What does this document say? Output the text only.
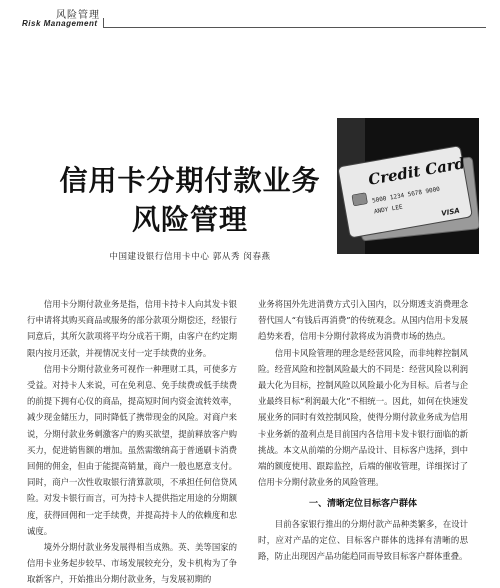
风险管理
Risk Management
信用卡分期付款业务
风险管理
中国建设银行信用卡中心 郭从秀 闵春燕
Credit Card
5000 1234 5678 9000
ANDY LEE	VISA

信用卡分期付款业务是指，信用卡持卡人向其发卡银行申请将其购买商品或服务的部分款项分期偿还，经银行同意后，其所欠款项将平均分成若干期，由客户在约定期限内按月还款，并视情况支付一定手续费的业务。

信用卡分期付款业务可视作一种理财工具，可使多方受益。对持卡人来说，可在免利息、免手续费或低手续费的前提下拥有心仪的商品，提高短时间内资金流转效率，减少现金储压力，同时降低了携带现金的风险。对商户来说，分期付款业务刺激客户的购买欲望，提前释放客户购买力，促进销售额的增加。虽然需缴纳高于普通刷卡消费回佣的佣金，但由于能提高销量，商户一般也愿意支付。同时，商户一次性收取银行清算款项，不承担任何信贷风险。对发卡银行而言，可为持卡人提供指定用途的分期额度，获得回佣和一定手续费，并提高持卡人的依赖度和忠诚度。

境外分期付款业务发展得相当成熟。英、美等国家的信用卡业务起步较早、市场发展较充分，发卡机构为了争取新客户，开始推出分期付款业务，与发展初期的

业务将国外先进消费方式引入国内，以分期透支消费理念替代国人“有钱后再消费”的传统观念。从国内信用卡发展趋势来看，信用卡分期付款将成为消费市场的热点。

信用卡风险管理的理念是经营风险，而非纯粹控制风险。经营风险和控制风险最大的不同是：经营风险以利润最大化为目标，控制风险以风险最小化为目标。后者与企业最终目标“利润最大化”不相统一。因此，如何在快速发展业务的同时有效控制风险，使得分期付款业务成为信用卡业务新的盈利点是目前国内各信用卡发卡银行面临的新挑战。本文从前端的分期产品设计、目标客户选择，到中端的额度使用、跟踪监控，后端的催收管理，详细探讨了信用卡分期付款业务的风险管理。

一、清晰定位目标客户群体

目前各家银行推出的分期付款产品种类繁多，在设计时，应对产品的定位、目标客户群体的选择有清晰的思路，防止出现因产品功能趋同而导致目标客户群体重叠。
